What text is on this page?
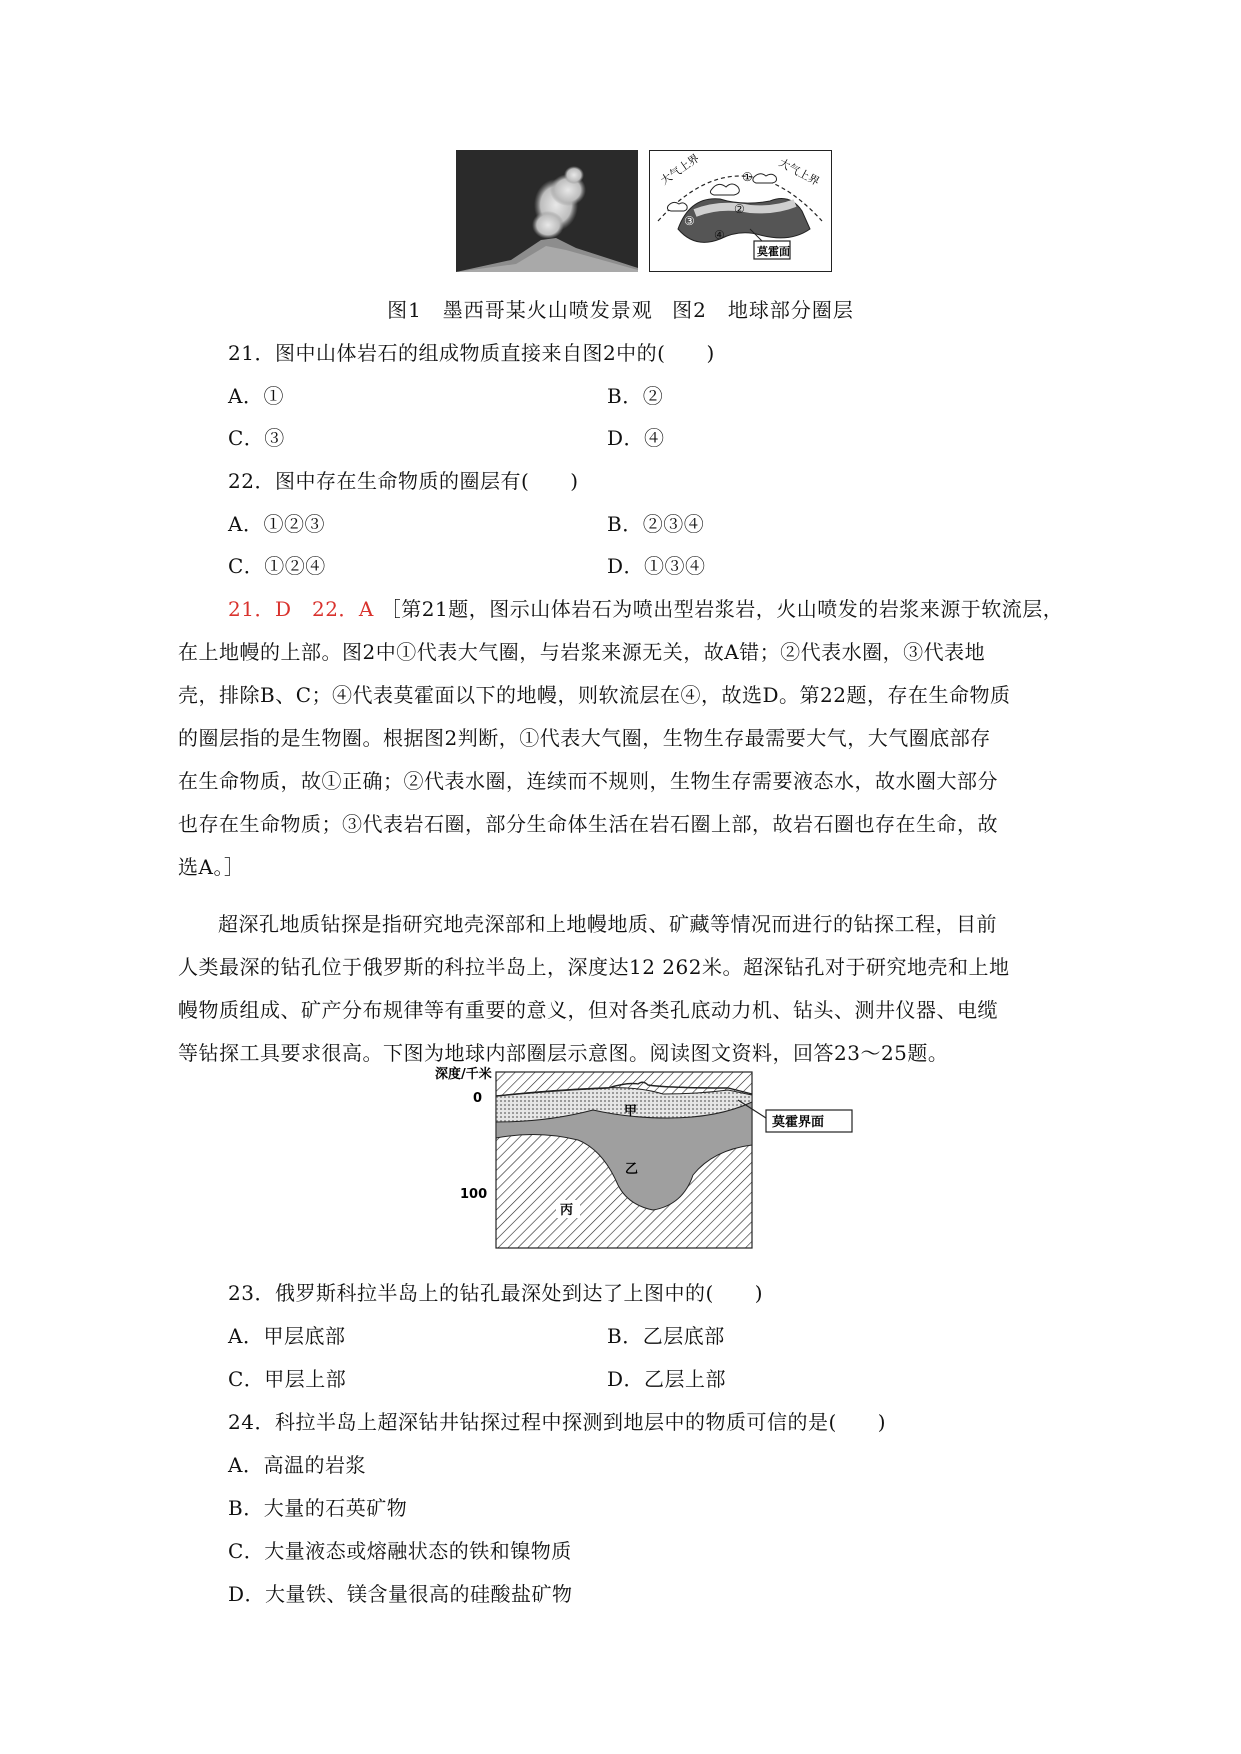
大气上界	大气上界
①
②
③
④
莫霍面
图1　墨西哥某火山喷发景观 图2　地球部分圈层
21．图中山体岩石的组成物质直接来自图2中的(　　)
A．①	B．②
C．③	D．④
22．图中存在生命物质的圈层有(　　)
A．①②③	B．②③④
C．①②④	D．①③④
21．D　22．A ［第21题，图示山体岩石为喷出型岩浆岩，火山喷发的岩浆来源于软流层，
在上地幔的上部。图2中①代表大气圈，与岩浆来源无关，故A错；②代表水圈，③代表地
壳，排除B、C；④代表莫霍面以下的地幔，则软流层在④，故选D。第22题，存在生命物质
的圈层指的是生物圈。根据图2判断，①代表大气圈，生物生存最需要大气，大气圈底部存
在生命物质，故①正确；②代表水圈，连续而不规则，生物生存需要液态水，故水圈大部分
也存在生命物质；③代表岩石圈，部分生命体生活在岩石圈上部，故岩石圈也存在生命，故
选A。］
超深孔地质钻探是指研究地壳深部和上地幔地质、矿藏等情况而进行的钻探工程，目前
人类最深的钻孔位于俄罗斯的科拉半岛上，深度达12 262米。超深钻孔对于研究地壳和上地
幔物质组成、矿产分布规律等有重要的意义，但对各类孔底动力机、钻头、测井仪器、电缆
等钻探工具要求很高。下图为地球内部圈层示意图。阅读图文资料，回答23～25题。
深度/千米
0
100
甲
乙
丙
莫霍界面
23．俄罗斯科拉半岛上的钻孔最深处到达了上图中的(　　)
A．甲层底部	B．乙层底部
C．甲层上部	D．乙层上部
24．科拉半岛上超深钻井钻探过程中探测到地层中的物质可信的是(　　)
A．高温的岩浆
B．大量的石英矿物
C．大量液态或熔融状态的铁和镍物质
D．大量铁、镁含量很高的硅酸盐矿物
